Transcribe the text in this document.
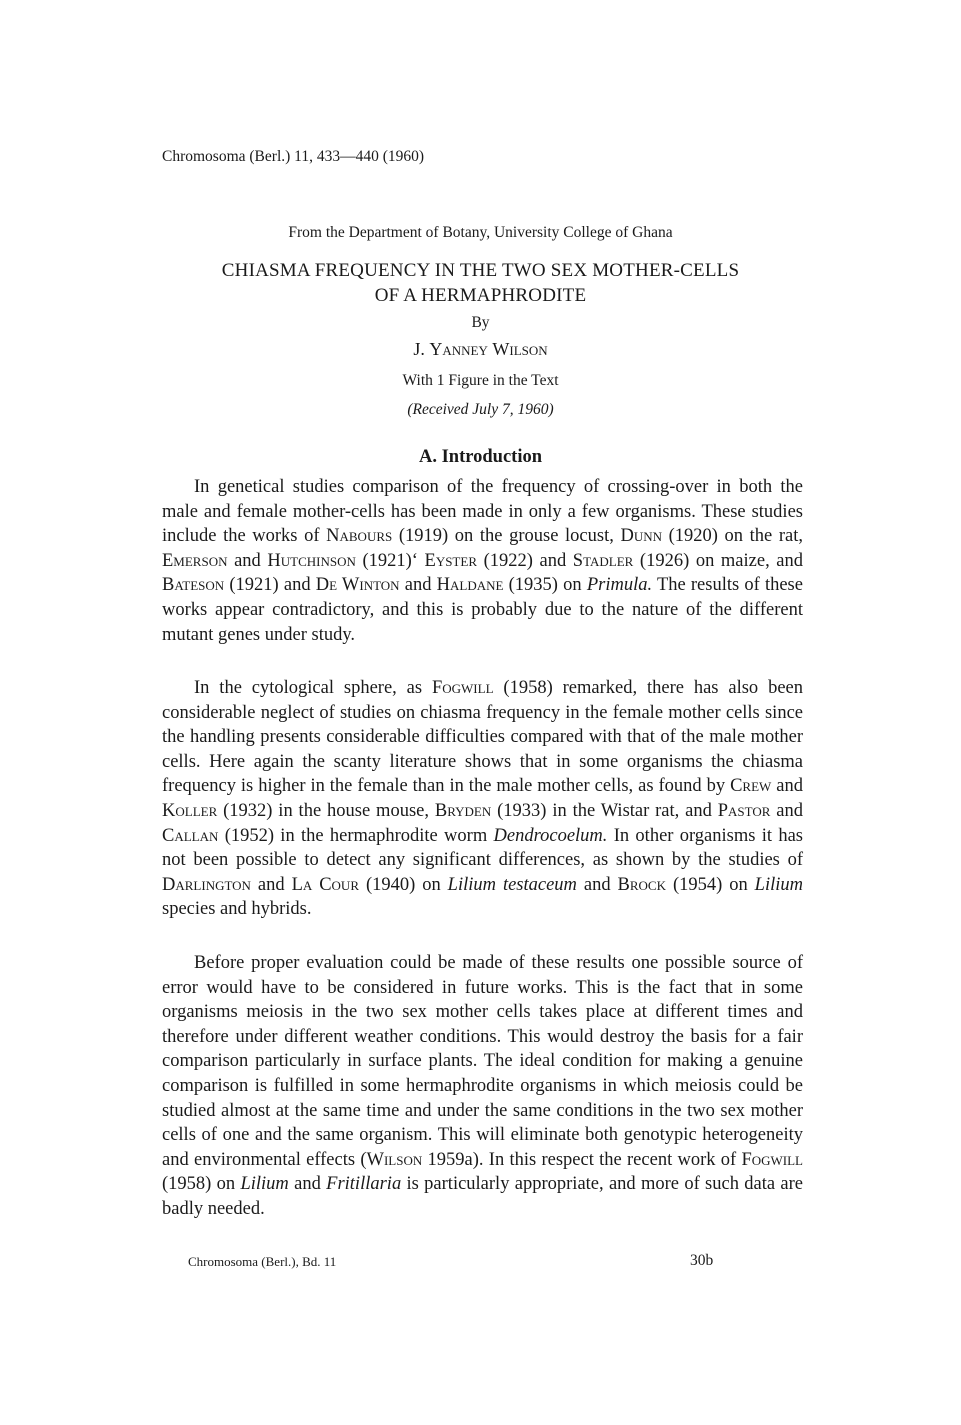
Chromosoma (Berl.) 11, 433—440 (1960)
From the Department of Botany, University College of Ghana
CHIASMA FREQUENCY IN THE TWO SEX MOTHER-CELLS
OF A HERMAPHRODITE
By
J. Yanney Wilson
With 1 Figure in the Text
(Received July 7, 1960)
A. Introduction

In genetical studies comparison of the frequency of crossing-over in both the male and female mother-cells has been made in only a few organisms. These studies include the works of Nabours (1919) on the grouse locust, Dunn (1920) on the rat, Emerson and Hutchinson (1921)‘ Eyster (1922) and Stadler (1926) on maize, and Bateson (1921) and De Winton and Haldane (1935) on Primula. The results of these works appear contradictory, and this is probably due to the nature of the different mutant genes under study.

In the cytological sphere, as Fogwill (1958) remarked, there has also been considerable neglect of studies on chiasma frequency in the female mother cells since the handling presents considerable difficulties compared with that of the male mother cells. Here again the scanty literature shows that in some organisms the chiasma frequency is higher in the female than in the male mother cells, as found by Crew and Koller (1932) in the house mouse, Bryden (1933) in the Wistar rat, and Pastor and Callan (1952) in the hermaphrodite worm Dendrocoelum. In other organisms it has not been possible to detect any significant differences, as shown by the studies of Darlington and La Cour (1940) on Lilium testaceum and Brock (1954) on Lilium species and hybrids.

Before proper evaluation could be made of these results one possible source of error would have to be considered in future works. This is the fact that in some organisms meiosis in the two sex mother cells takes place at different times and therefore under different weather conditions. This would destroy the basis for a fair comparison particularly in surface plants. The ideal condition for making a genuine comparison is fulfilled in some hermaphrodite organisms in which meiosis could be studied almost at the same time and under the same conditions in the two sex mother cells of one and the same organism. This will eliminate both genotypic heterogeneity and environmental effects (Wilson 1959a). In this respect the recent work of Fogwill (1958) on Lilium and Fritillaria is particularly appropriate, and more of such data are badly needed.

Chromosoma (Berl.), Bd. 11	30b
